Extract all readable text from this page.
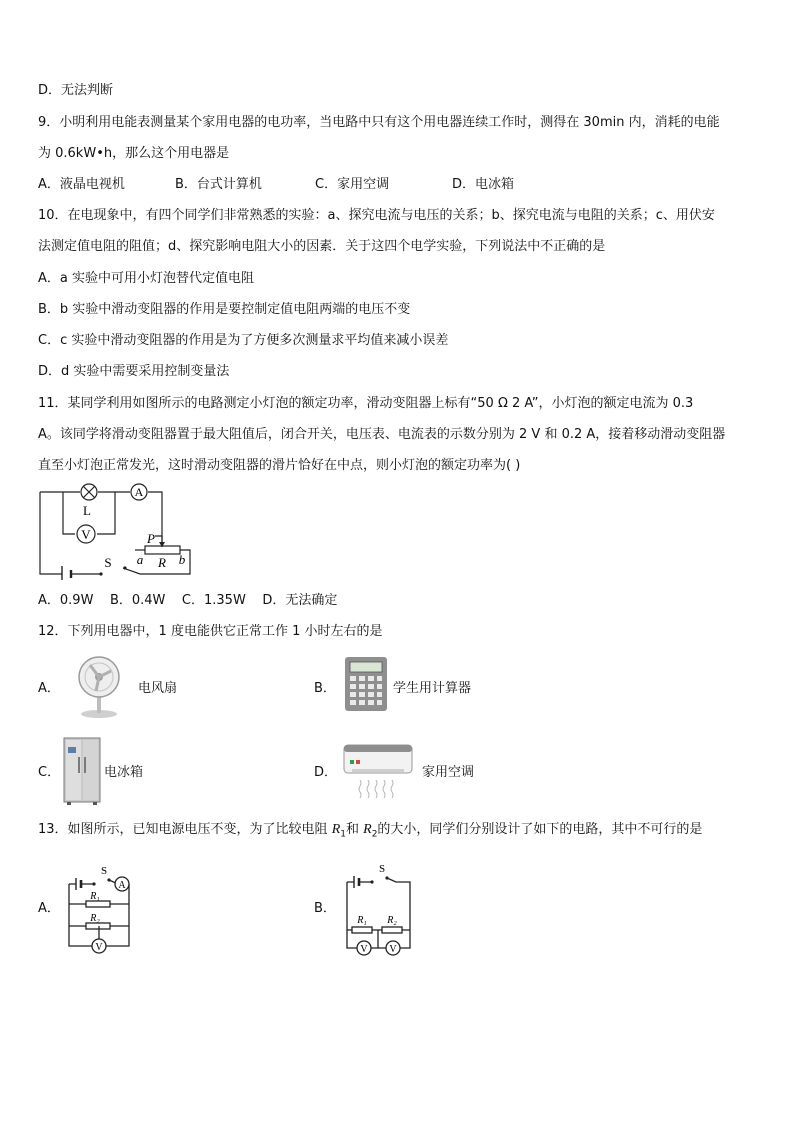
D．无法判断
9．小明利用电能表测量某个家用电器的电功率，当电路中只有这个用电器连续工作时，测得在 30min 内，消耗的电能
为 0.6kW•h，那么这个用电器是
A．液晶电视机	B．台式计算机	C．家用空调	D．电冰箱
10．在电现象中，有四个同学们非常熟悉的实验：a、探究电流与电压的关系；b、探究电流与电阻的关系；c、用伏安
法测定值电阻的阻值；d、探究影响电阻大小的因素．关于这四个电学实验，下列说法中不正确的是
A．a 实验中可用小灯泡替代定值电阻
B．b 实验中滑动变阻器的作用是要控制定值电阻两端的电压不变
C．c 实验中滑动变阻器的作用是为了方便多次测量求平均值来减小误差
D．d 实验中需要采用控制变量法
11．某同学利用如图所示的电路测定小灯泡的额定功率，滑动变阻器上标有“50 Ω 2 A”，小灯泡的额定电流为 0.3
A。该同学将滑动变阻器置于最大阻值后，闭合开关，电压表、电流表的示数分别为 2 V 和 0.2 A，接着移动滑动变阻器
直至小灯泡正常发光，这时滑动变阻器的滑片恰好在中点，则小灯泡的额定功率为( )
A
V
L
S
P
a R b
A．0.9W    B．0.4W    C．1.35W    D．无法确定
12．下列用电器中，1 度电能供它正常工作 1 小时左右的是
A．	电风扇	B．	学生用计算器
C．	电冰箱	D．	家用空调
13．如图所示，已知电源电压不变，为了比较电阻 $R_1$和 $R_2$的大小，同学们分别设计了如下的电路，其中不可行的是
A．
S
A
R₁
R₂
V
B．
S
R₁ R₂
V V
